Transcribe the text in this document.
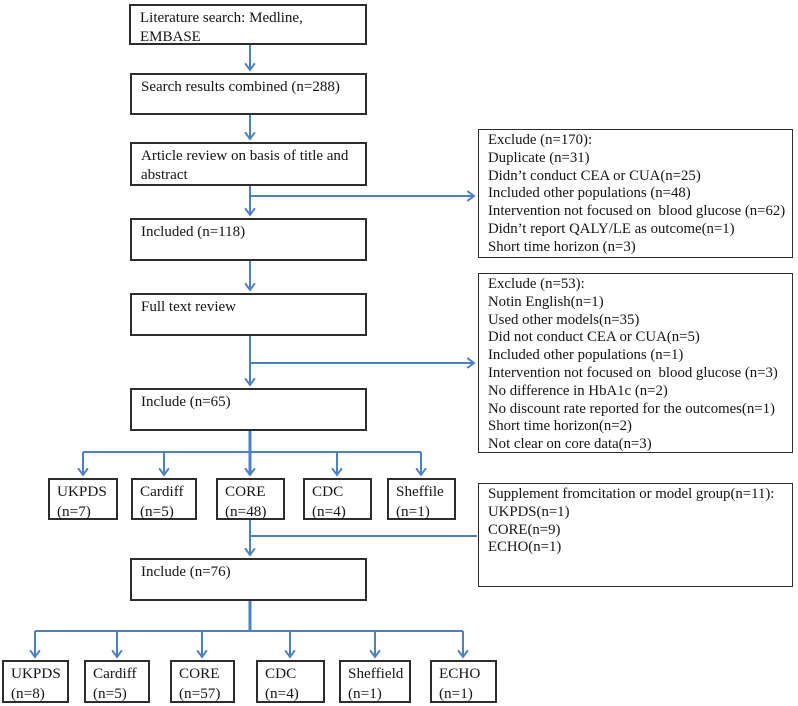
Literature search: Medline,
EMBASE
Search results combined (n=288)
Article review on basis of title and
abstract
Included (n=118)
Full text review
Include (n=65)
Include (n=76)
Exclude (n=170):
Duplicate (n=31)
Didn’t conduct CEA or CUA(n=25)
Included other populations (n=48)
Intervention not focused on  blood glucose (n=62)
Didn’t report QALY/LE as outcome(n=1)
Short time horizon (n=3)
Exclude (n=53):
Notin English(n=1)
Used other models(n=35)
Did not conduct CEA or CUA(n=5)
Included other populations (n=1)
Intervention not focused on  blood glucose (n=3)
No difference in HbA1c (n=2)
No discount rate reported for the outcomes(n=1)
Short time horizon(n=2)
Not clear on core data(n=3)
Supplement fromcitation or model group(n=11):
UKPDS(n=1)
CORE(n=9)
ECHO(n=1)
UKPDS
(n=7)
Cardiff
(n=5)
CORE
(n=48)
CDC
(n=4)
Sheffile
(n=1)
UKPDS
(n=8)
Cardiff
(n=5)
CORE
(n=57)
CDC
(n=4)
Sheffield
(n=1)
ECHO
(n=1)
